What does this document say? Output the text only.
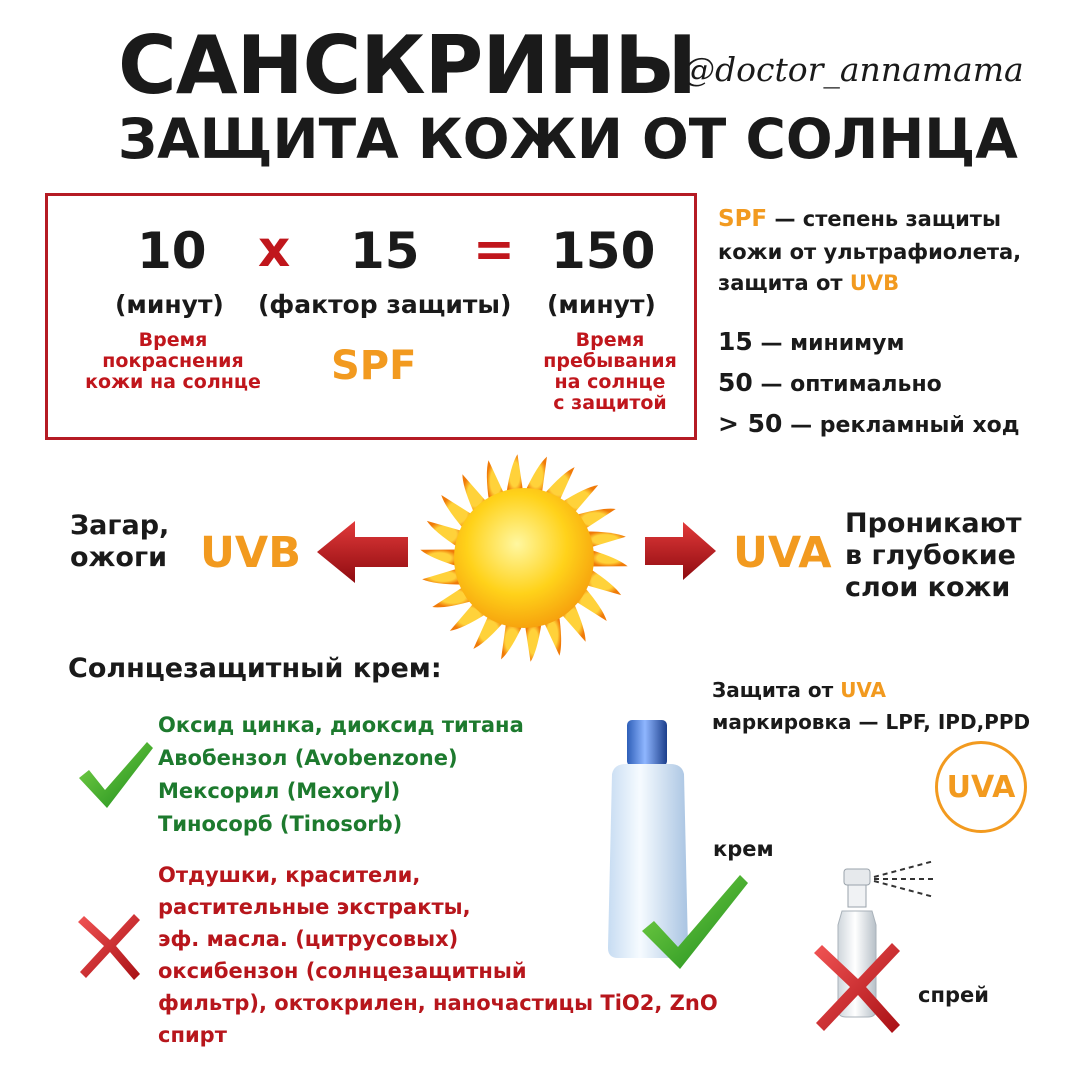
САНСКРИНЫ
@doctor_annamama
ЗАЩИТА КОЖИ ОТ СОЛНЦА
10 x 15 = 150
(минут) (фактор защиты) (минут)
Время
покраснения
кожи на солнце	SPF
Время
пребывания
на солнце
с защитой
SPF — степень защиты
кожи от ультрафиолета,
защита от UVB
15 — минимум
50 — оптимально
> 50 — рекламный ход
Загар,
ожоги UVB	UVA
Проникают
в глубокие
слои кожи
Солнцезащитный крем:
Оксид цинка, диоксид титана
Авобензол (Avobenzone)
Мексорил (Mexoryl)
Тиносорб (Tinosorb)
Отдушки, красители,
растительные экстракты,
эф. масла. (цитрусовых)
оксибензон (солнцезащитный
фильтр), октокрилен, наночастицы TiO2, ZnO
спирт
Защита от UVA
маркировка — LPF, IPD,PPD
UVA
крем
спрей
